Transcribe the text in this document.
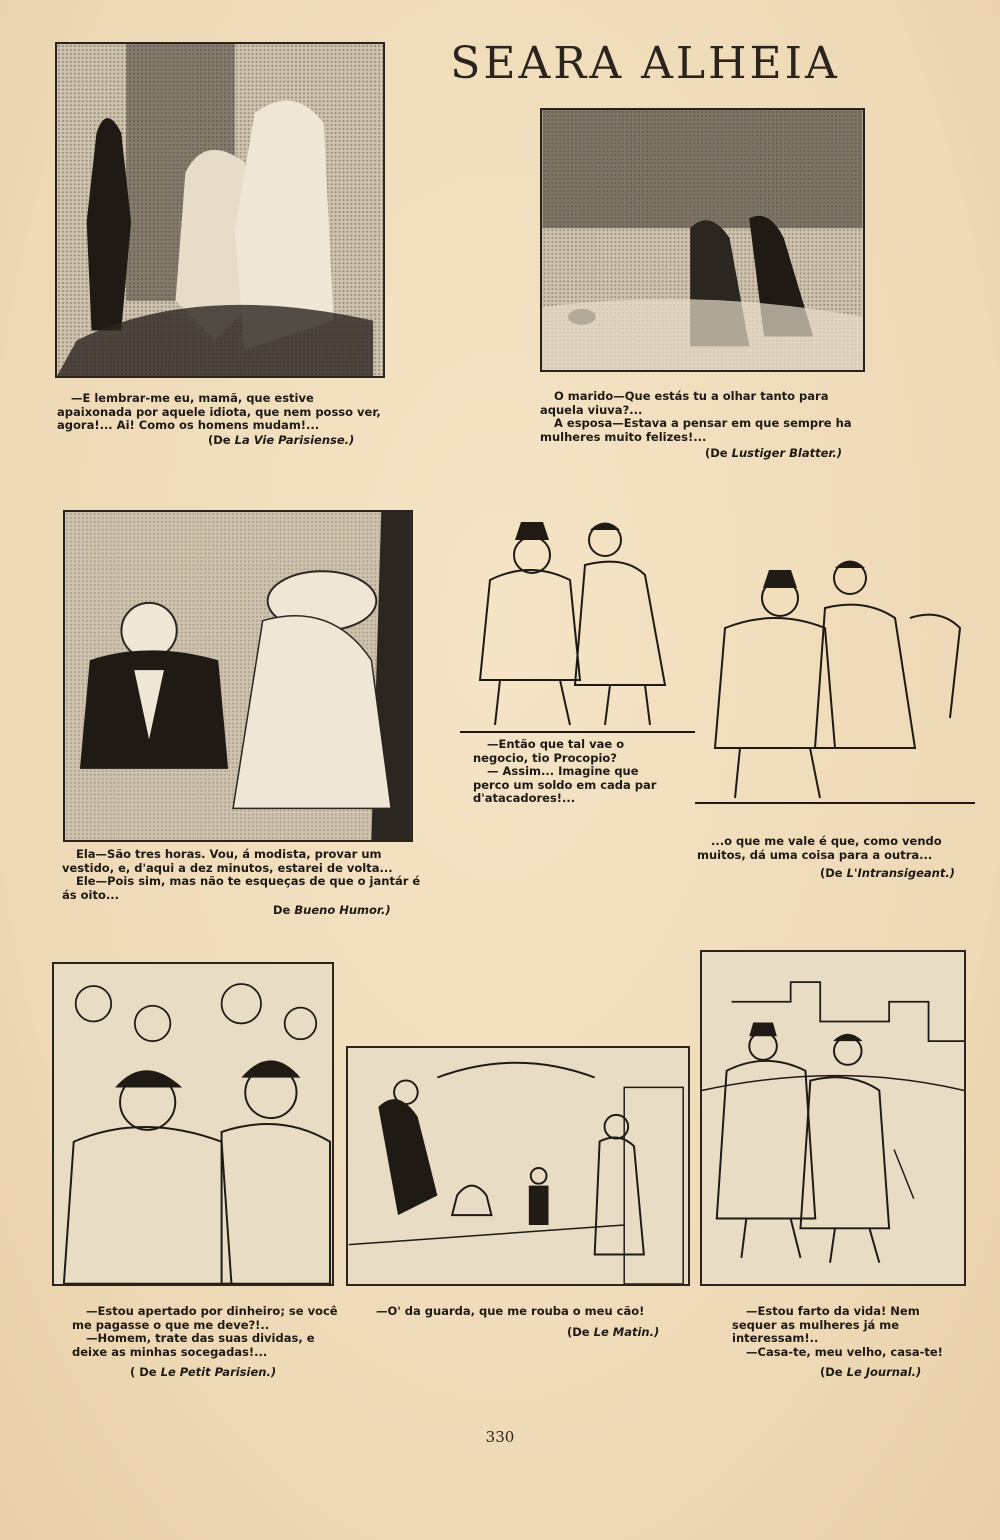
SEARA ALHEIA

—E lembrar-me eu, mamã, que estive apaixonada por aquele idiota, que nem posso ver, agora!... Ai! Como os homens mudam!...

(De La Vie Parisiense.)

O marido—Que estás tu a olhar tanto para aquela viuva?...

A esposa—Estava a pensar em que sempre ha mulheres muito felizes!...

(De Lustiger Blatter.)

Ela—São tres horas. Vou, á modista, provar um vestido, e, d'aqui a dez minutos, estarei de volta...

Ele—Pois sim, mas não te esqueças de que o jantár é ás oito...

De Bueno Humor.)

—Então que tal vae o negocio, tio Procopio?

— Assim... Imagine que perco um soldo em cada par d'atacadores!...

...o que me vale é que, como vendo muitos, dá uma coisa para a outra...

(De L'Intransigeant.)

—Estou apertado por dinheiro; se você me pagasse o que me deve?!..

—Homem, trate das suas dividas, e deixe as minhas socegadas!...

( De Le Petit Parisien.)

—O' da guarda, que me rouba o meu cão!

(De Le Matin.)

—Estou farto da vida! Nem sequer as mulheres já me interessam!..

—Casa-te, meu velho, casa-te!

(De Le Journal.)
330
